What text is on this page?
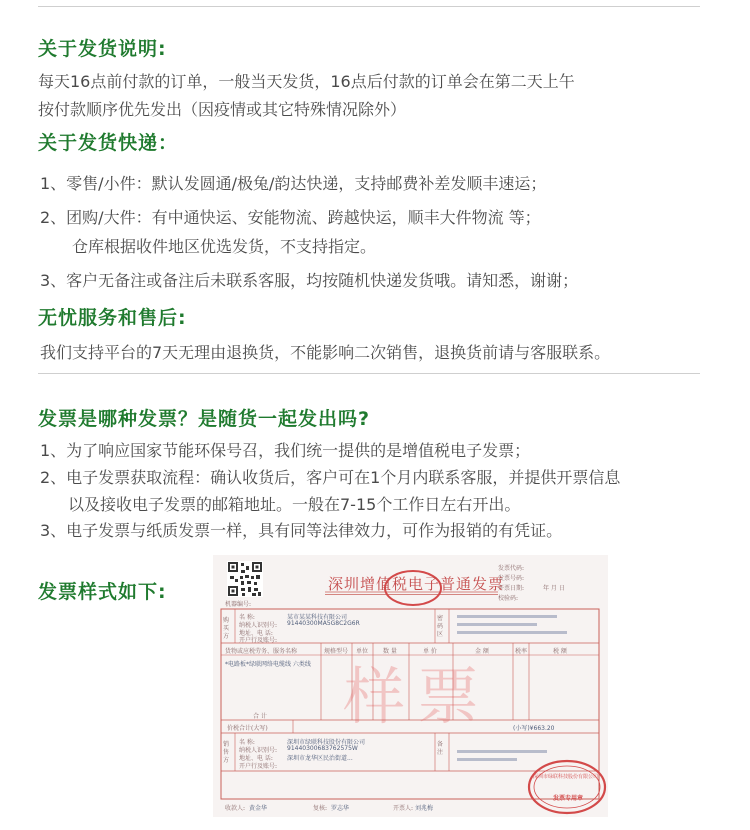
关于发货说明:
每天16点前付款的订单，一般当天发货，16点后付款的订单会在第二天上午
按付款顺序优先发出（因疫情或其它特殊情况除外）
关于发货快递：
1、零售/小件：默认发圆通/极兔/韵达快递，支持邮费补差发顺丰速运；
2、团购/大件：有中通快运、安能物流、跨越快运，顺丰大件物流 等；
仓库根据收件地区优选发货，不支持指定。
3、客户无备注或备注后未联系客服，均按随机快递发货哦。请知悉，谢谢；
无忧服务和售后:
我们支持平台的7天无理由退换货，不能影响二次销售，退换货前请与客服联系。
发票是哪种发票？是随货一起发出吗?
1、为了响应国家节能环保号召，我们统一提供的是增值税电子发票；
2、电子发票获取流程：确认收货后，客户可在1个月内联系客服，并提供开票信息
以及接收电子发票的邮箱地址。一般在7-15个工作日左右开出。
3、电子发票与纸质发票一样，具有同等法律效力，可作为报销的有凭证。
发票样式如下:	深圳增值税电子普通发票
样票
机器编号:
发票代码:
发票号码:
开票日期:	年 月 日
校验码:
购买方
名 称:	某市某某科技有限公司
纳税人识别号: 91440300MA5G8C2G6R
地址、电 话:
开户行及账号:
密码区
货物或应税劳务、服务名称	规格型号 单位 数 量	单 价	金 额	税率	税 额
*电路板*绿联网络电缆线 六类线
合 计
价税合计(大写)	(小写)¥663.20
销售方
名 称:	深圳市绿联科技股份有限公司
纳税人识别号: 91440300683762575W
地址、电 话: 深圳市龙华区民治街道...
开户行及账号:
备注
收款人: 黄金华	复核: 罗志华	开票人: 刘兆梅
深圳市绿联科技股份有限公司
发票专用章
